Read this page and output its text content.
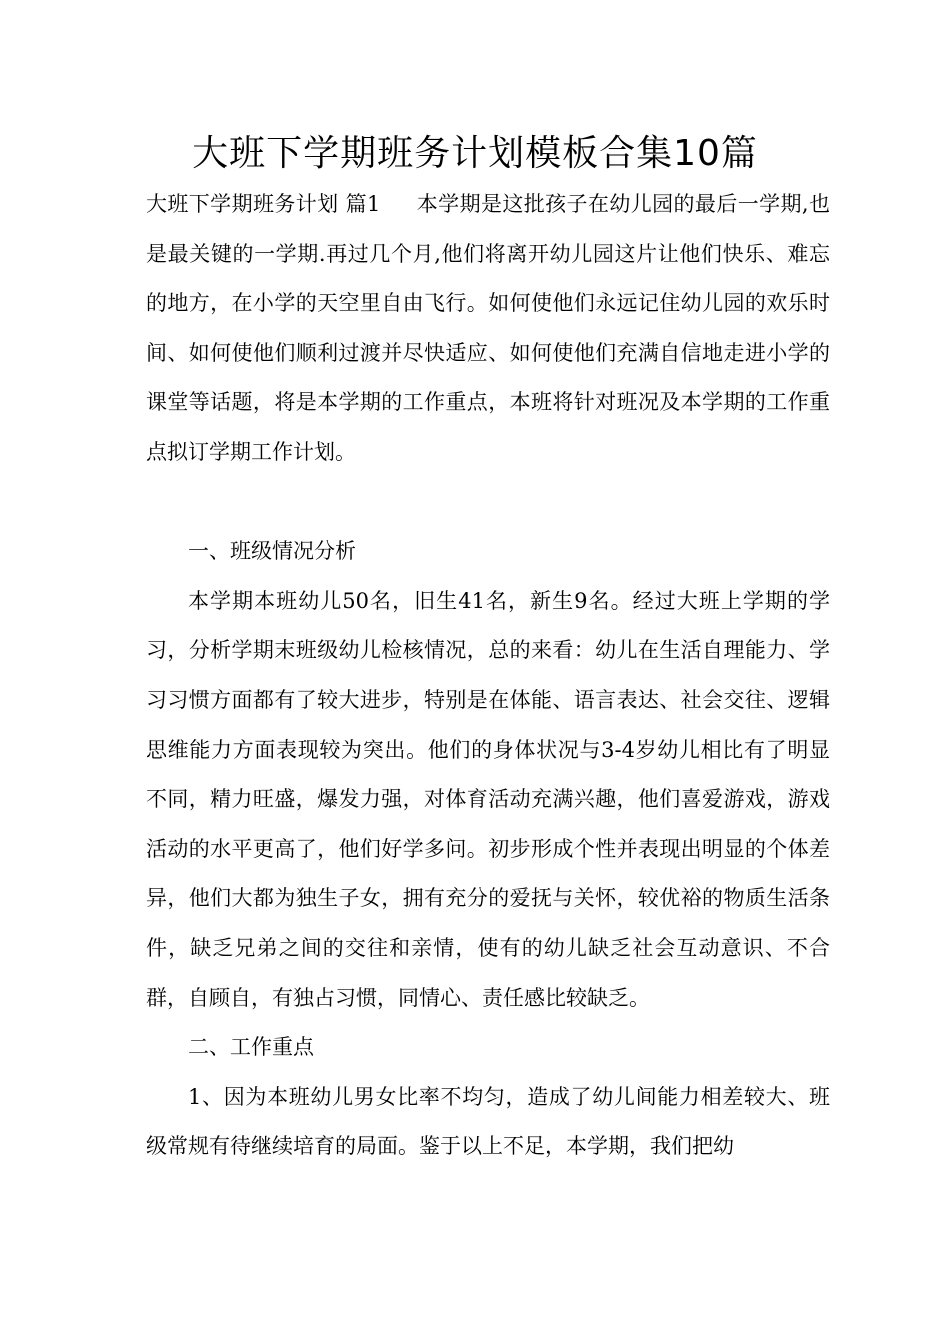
大班下学期班务计划模板合集10篇

大班下学期班务计划 篇1 本学期是这批孩子在幼儿园的最后一学期,也是最关键的一学期.再过几个月,他们将离开幼儿园这片让他们快乐、难忘的地方，在小学的天空里自由飞行。如何使他们永远记住幼儿园的欢乐时间、如何使他们顺利过渡并尽快适应、如何使他们充满自信地走进小学的课堂等话题，将是本学期的工作重点，本班将针对班况及本学期的工作重点拟订学期工作计划。

一、班级情况分析

本学期本班幼儿50名，旧生41名，新生9名。经过大班上学期的学习，分析学期末班级幼儿检核情况，总的来看：幼儿在生活自理能力、学习习惯方面都有了较大进步，特别是在体能、语言表达、社会交往、逻辑思维能力方面表现较为突出。他们的身体状况与3-4岁幼儿相比有了明显不同，精力旺盛，爆发力强，对体育活动充满兴趣，他们喜爱游戏，游戏活动的水平更高了，他们好学多问。初步形成个性并表现出明显的个体差异，他们大都为独生子女，拥有充分的爱抚与关怀，较优裕的物质生活条件，缺乏兄弟之间的交往和亲情，使有的幼儿缺乏社会互动意识、不合群，自顾自，有独占习惯，同情心、责任感比较缺乏。

二、工作重点

1、因为本班幼儿男女比率不均匀，造成了幼儿间能力相差较大、班级常规有待继续培育的局面。鉴于以上不足，本学期，我们把幼
